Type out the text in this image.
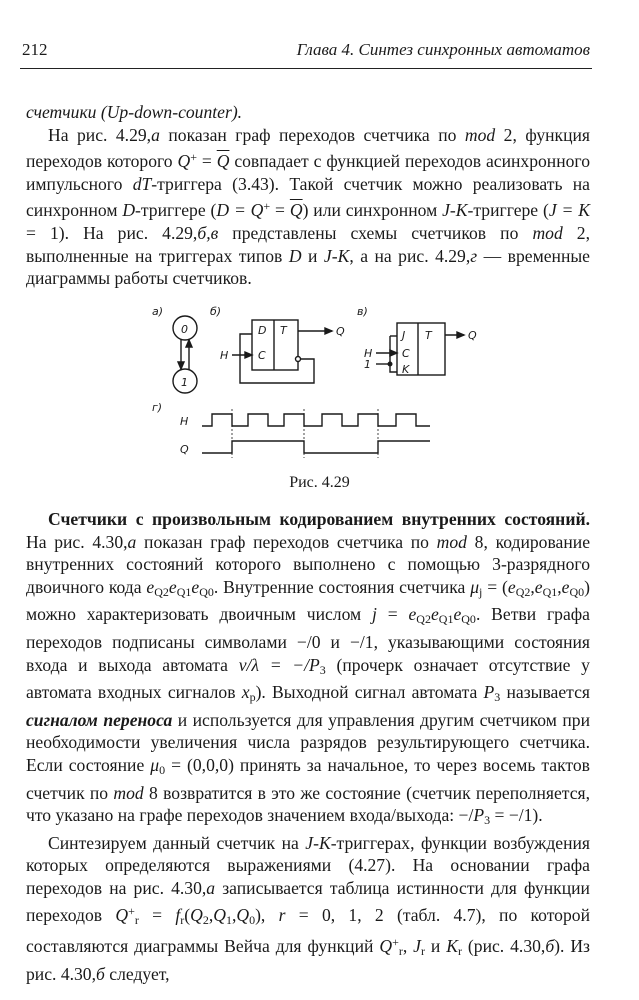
212	Глава 4. Синтез синхронных автоматов

счетчики (Up-down-counter).

На рис. 4.29,а показан граф переходов счетчика по mod 2, функция переходов которого $Q^+ = \overline{Q}$ совпадает с функцией переходов асинхронного импульсного dT-триггера (3.43). Такой счетчик можно реализовать на синхронном D-триггере $(D = Q^+ = \overline{Q})$ или синхронном J-K-триггере (J = K = 1). На рис. 4.29,б,в представлены схемы счетчиков по mod 2, выполненные на триггерах типов D и J-K, а на рис. 4.29,г — временные диаграммы работы счетчиков.

а)	б)	в)
г)
0
1
D T
C
Q
H
J T
C
K
Q
H
1
H
Q
Рис. 4.29

Счетчики с произвольным кодированием внутренних состояний. На рис. 4.30,а показан граф переходов счетчика по mod 8, кодирование внутренних состояний которого выполнено с помощью 3-разрядного двоичного кода $e_{Q2}e_{Q1}e_{Q0}$. Внутренние состояния счетчика $\mu_j = (e_{Q2},e_{Q1},e_{Q0})$ можно характеризовать двоичным числом $j = e_{Q2}e_{Q1}e_{Q0}$. Ветви графа переходов подписаны символами −/0 и −/1, указывающими состояния входа и выхода автомата $\nu/\lambda = -/P_3$ (прочерк означает отсутствие у автомата входных сигналов $x_p$). Выходной сигнал автомата $P_3$ называется сигналом переноса и используется для управления другим счетчиком при необходимости увеличения числа разрядов результирующего счетчика. Если состояние $\mu_0 = (0,0,0)$ принять за начальное, то через восемь тактов счетчик по mod 8 возвратится в это же состояние (счетчик переполняется, что указано на графе переходов значением входа/выхода: $-/P_3 = -/1$).

Синтезируем данный счетчик на J-K-триггерах, функции возбуждения которых определяются выражениями (4.27). На основании графа переходов на рис. 4.30,а записывается таблица истинности для функции переходов $Q^+_r = f_r(Q_2,Q_1,Q_0)$, r = 0, 1, 2 (табл. 4.7), по которой составляются диаграммы Вейча для функций $Q^+_r$, $J_r$ и $K_r$ (рис. 4.30,б). Из рис. 4.30,б следует,
